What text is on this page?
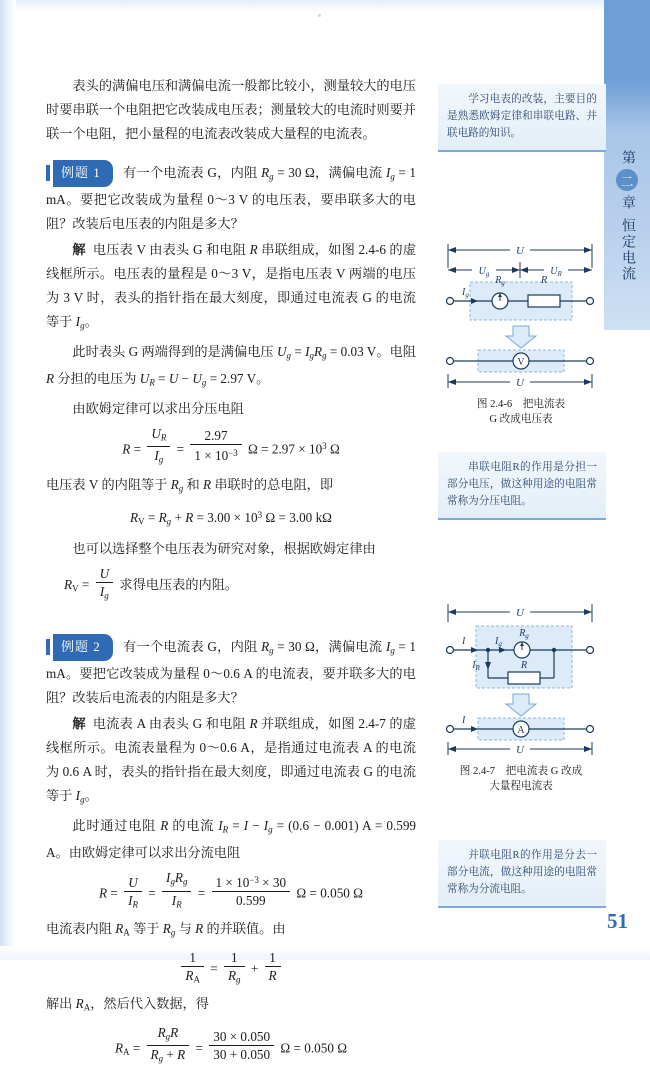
第
二
章
恒定电流

表头的满偏电压和满偏电流一般都比较小，测量较大的电压时要串联一个电阻把它改装成电压表；测量较大的电流时则要并联一个电阻，把小量程的电流表改装成大量程的电流表。

例题 1 有一个电流表 G，内阻 $R_g = 30$ Ω，满偏电流 $I_g = 1$ mA。要把它改装成为量程 0～3 V 的电压表，要串联多大的电阻？改装后电压表的内阻是多大？

解 电压表 V 由表头 G 和电阻 R 串联组成，如图 2.4-6 的虚线框所示。电压表的量程是 0～3 V，是指电压表 V 两端的电压为 3 V 时，表头的指针指在最大刻度，即通过电流表 G 的电流等于 $I_g$。

此时表头 G 两端得到的是满偏电压 $U_g = I_gR_g = 0.03$ V。电阻 R 分担的电压为 $U_R = U - U_g = 2.97$ V。

由欧姆定律可以求出分压电阻

$R = \frac{U_R}{I_g} = \frac{2.97}{1 \times 10^{-3}}$ $\Omega = 2.97 \times 10^3$ Ω

电压表 V 的内阻等于 $R_g$ 和 R 串联时的总电阻，即

$R_V = R_g + R = 3.00 \times 10^3$ Ω = 3.00 kΩ

也可以选择整个电压表为研究对象，根据欧姆定律由

$R_V = \frac{U}{I_g}$ 求得电压表的内阻。

例题 2 有一个电流表 G，内阻 $R_g = 30$ Ω，满偏电流 $I_g = 1$ mA。要把它改装成为量程 0～0.6 A 的电流表，要并联多大的电阻？改装后电流表的内阻是多大？

解 电流表 A 由表头 G 和电阻 R 并联组成，如图 2.4-7 的虚线框所示。电流表量程为 0～0.6 A，是指通过电流表 A 的电流为 0.6 A 时，表头的指针指在最大刻度，即通过电流表 G 的电流等于 $I_g$。

此时通过电阻 R 的电流 $I_R = I - I_g = (0.6 - 0.001) A = 0.599$ A。由欧姆定律可以求出分流电阻

$R = \frac{U}{I_R} = \frac{I_gR_g}{I_R} = \frac{1 \times 10^{-3} \times 30}{0.599}$ Ω = 0.050 Ω

电流表内阻 $R_A$ 等于 $R_g$ 与 R 的并联值。由

$\frac{1}{R_A} = \frac{1}{R_g} + \frac{1}{R}$

解出 $R_A$，然后代入数据，得

$R_A = \frac{R_gR}{R_g + R} = \frac{30 \times 0.050}{30 + 0.050}$ Ω = 0.050 Ω

学习电表的改装，主要目的是熟悉欧姆定律和串联电路、并联电路的知识。

串联电阻R的作用是分担一部分电压，做这种用途的电阻常常称为分压电阻。

并联电阻R的作用是分去一部分电流，做这种用途的电阻常常称为分流电阻。

U
$U_g$	$U_R$
$I_g$
$R_g$	R
V
U
图 2.4-6　把电流表
G 改成电压表
U
I	$I_g$
$R_g$
R
$I_R$
I
A
U
图 2.4-7　把电流表 G 改成
大量程电流表
51
